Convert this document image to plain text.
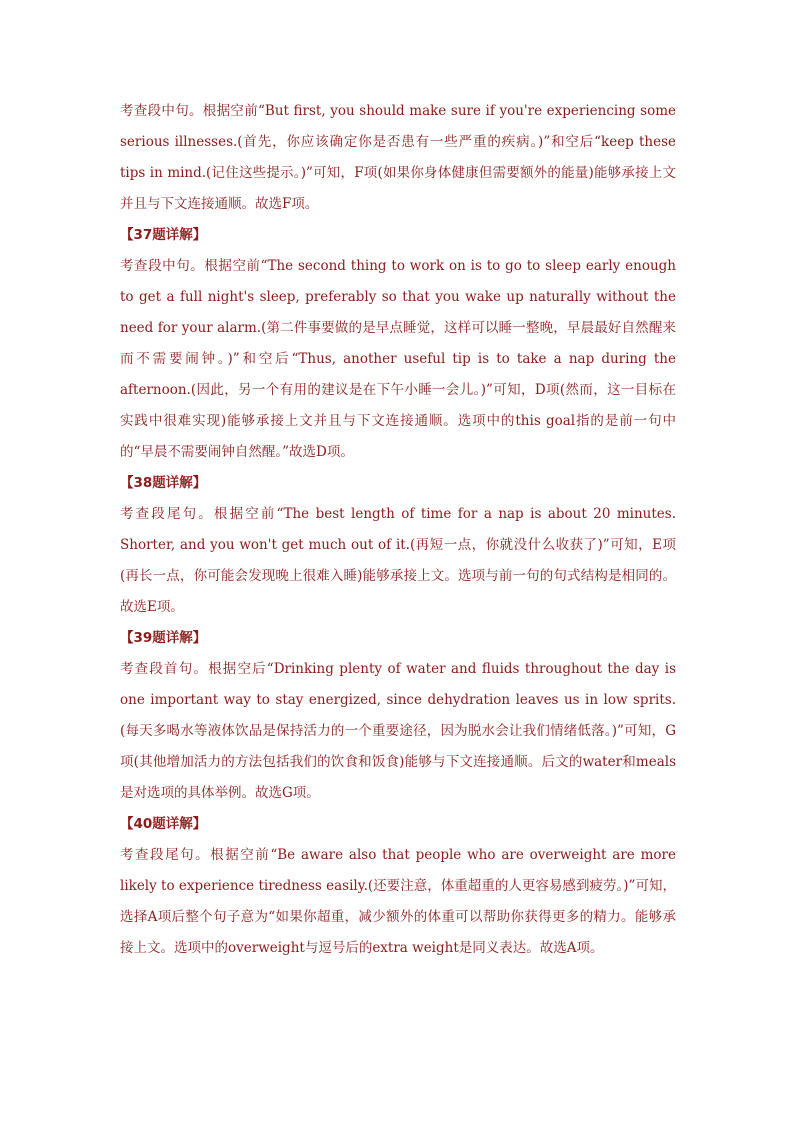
考查段中句。根据空前“But first, you should make sure if you're experiencing some serious illnesses.(首先，你应该确定你是否患有一些严重的疾病。)”和空后“keep these tips in mind.(记住这些提示。)”可知，F项(如果你身体健康但需要额外的能量)能够承接上文并且与下文连接通顺。故选F项。

【37题详解】

考查段中句。根据空前“The second thing to work on is to go to sleep early enough to get a full night's sleep, preferably so that you wake up naturally without the need for your alarm.(第二件事要做的是早点睡觉，这样可以睡一整晚，早晨最好自然醒来而不需要闹钟。)”和空后“Thus, another useful tip is to take a nap during the afternoon.(因此，另一个有用的建议是在下午小睡一会儿。)”可知，D项(然而，这一目标在实践中很难实现)能够承接上文并且与下文连接通顺。选项中的this goal指的是前一句中的“早晨不需要闹钟自然醒。”故选D项。

【38题详解】

考查段尾句。根据空前“The best length of time for a nap is about 20 minutes. Shorter, and you won't get much out of it.(再短一点，你就没什么收获了)”可知，E项(再长一点，你可能会发现晚上很难入睡)能够承接上文。选项与前一句的句式结构是相同的。故选E项。

【39题详解】

考查段首句。根据空后“Drinking plenty of water and fluids throughout the day is one important way to stay energized, since dehydration leaves us in low sprits.(每天多喝水等液体饮品是保持活力的一个重要途径，因为脱水会让我们情绪低落。)”可知，G项(其他增加活力的方法包括我们的饮食和饭食)能够与下文连接通顺。后文的water和meals是对选项的具体举例。故选G项。

【40题详解】

考查段尾句。根据空前“Be aware also that people who are overweight are more likely to experience tiredness easily.(还要注意，体重超重的人更容易感到疲劳。)”可知，选择A项后整个句子意为“如果你超重，减少额外的体重可以帮助你获得更多的精力。能够承接上文。选项中的overweight与逗号后的extra weight是同义表达。故选A项。
